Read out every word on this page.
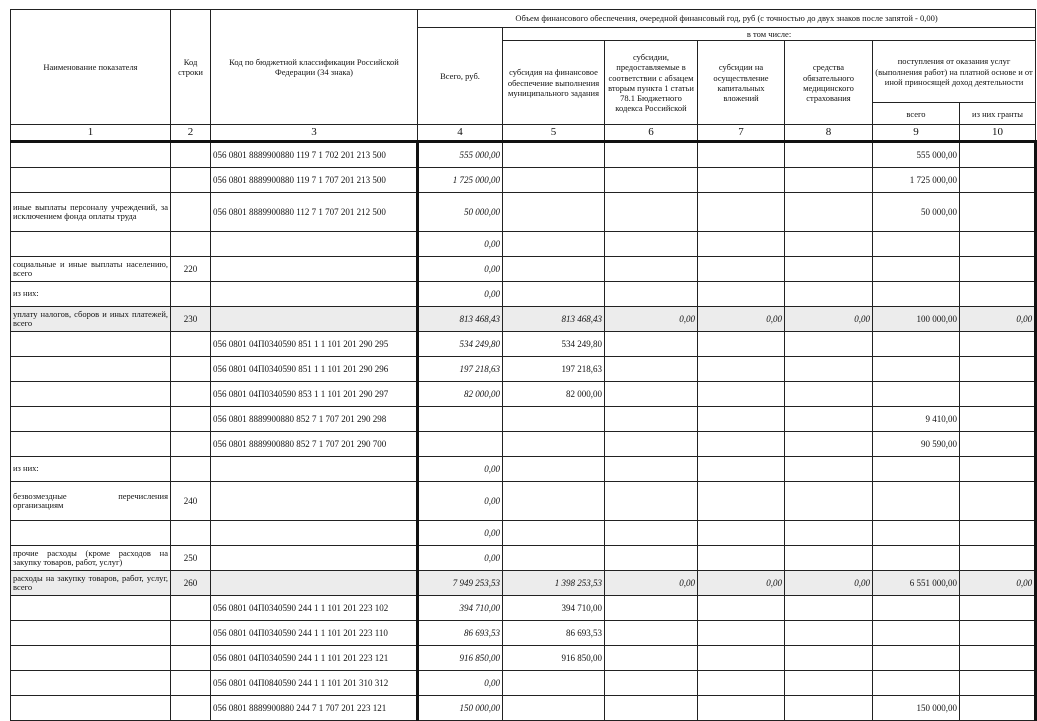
Наименование показателя	Код строки	Код по бюджетной классификации Российской Федерации (34 знака)	Объем финансового обеспечения, очередной финансовый год, руб (с точностью до двух знаков после запятой - 0,00)						
			Всего, руб.	в том числе:					
				субсидия на финансовое обеспечение выполнения муниципального задания	субсидии, предоставляемые в соответствии с абзацем вторым пункта 1 статьи 78.1 Бюджетного кодекса Российской	субсидии на осуществление капитальных вложений	средства обязательного медицинского страхования	поступления от оказания услуг (выполнения работ) на платной основе и от иной приносящей доход деятельности	
								всего	из них гранты
1	2	3	4	5	6	7	8	9	10
		056 0801 8889900880 119 7 1 702 201 213 500	555 000,00					555 000,00	
		056 0801 8889900880 119 7 1 707 201 213 500	1 725 000,00					1 725 000,00	
иные выплаты персоналу учреждений, за исключением фонда оплаты труда		056 0801 8889900880 112 7 1 707 201 212 500	50 000,00					50 000,00	
			0,00						
социальные и иные выплаты населению, всего	220		0,00						
из них:			0,00						
уплату налогов, сборов и иных платежей, всего	230		813 468,43	813 468,43	0,00	0,00	0,00	100 000,00	0,00
		056 0801 04П0340590 851 1 1 101 201 290 295	534 249,80	534 249,80					
		056 0801 04П0340590 851 1 1 101 201 290 296	197 218,63	197 218,63					
		056 0801 04П0340590 853 1 1 101 201 290 297	82 000,00	82 000,00					
		056 0801 8889900880 852 7 1 707 201 290 298						9 410,00	
		056 0801 8889900880 852 7 1 707 201 290 700						90 590,00	
из них:			0,00						
безвозмездные перечисления организациям	240		0,00						
			0,00						
прочие расходы (кроме расходов на закупку товаров, работ, услуг)	250		0,00						
расходы на закупку товаров, работ, услуг, всего	260		7 949 253,53	1 398 253,53	0,00	0,00	0,00	6 551 000,00	0,00
		056 0801 04П0340590 244 1 1 101 201 223 102	394 710,00	394 710,00					
		056 0801 04П0340590 244 1 1 101 201 223 110	86 693,53	86 693,53					
		056 0801 04П0340590 244 1 1 101 201 223 121	916 850,00	916 850,00					
		056 0801 04П0840590 244 1 1 101 201 310 312	0,00						
		056 0801 8889900880 244 7 1 707 201 223 121	150 000,00					150 000,00	
